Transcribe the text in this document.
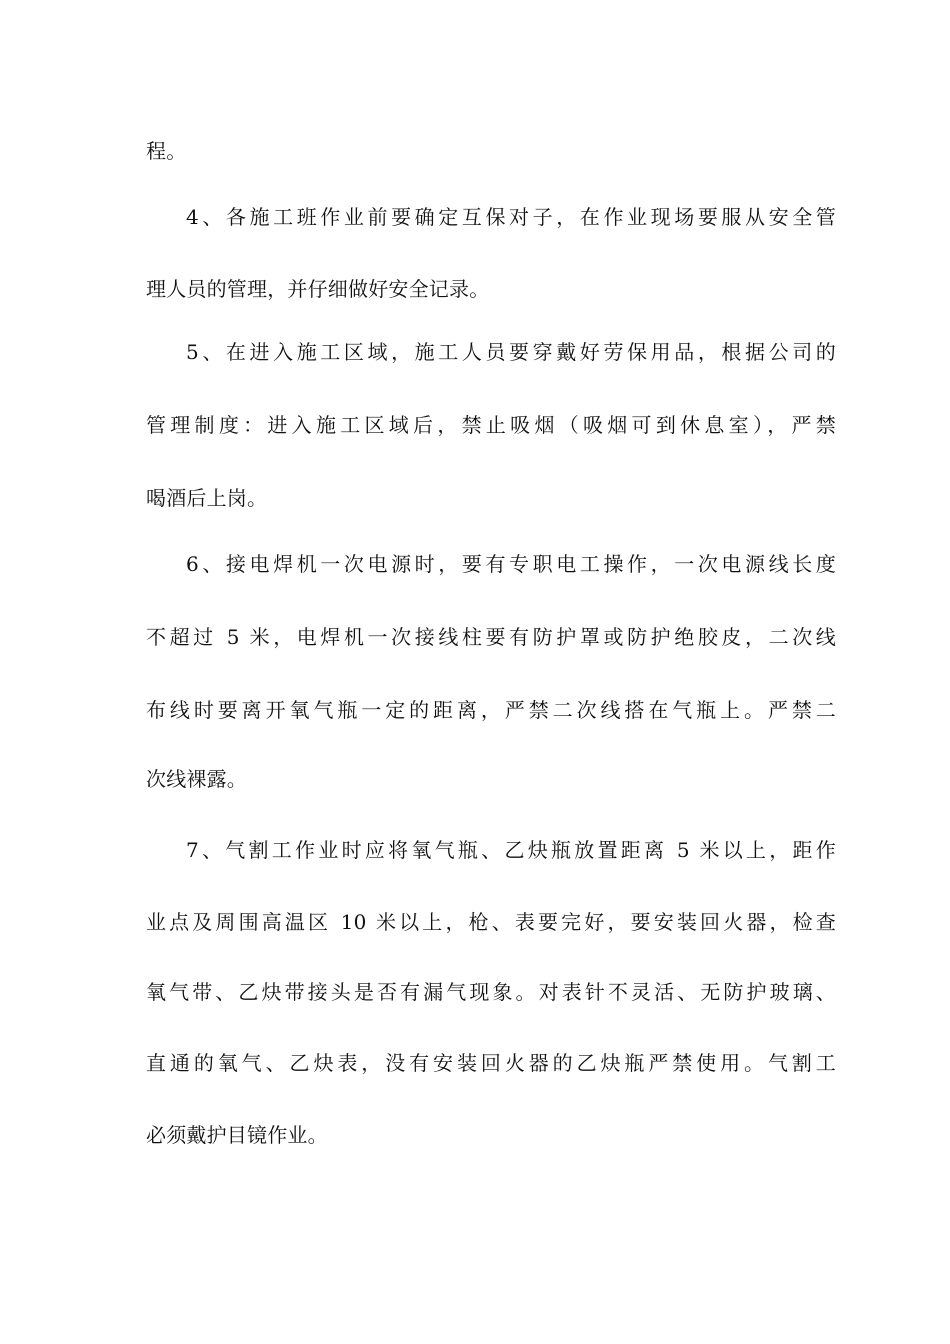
程。

4、各施工班作业前要确定互保对子，在作业现场要服从安全管

理人员的管理，并仔细做好安全记录。

5、在进入施工区域，施工人员要穿戴好劳保用品，根据公司的

管理制度：进入施工区域后，禁止吸烟（吸烟可到休息室），严禁

喝酒后上岗。

6、接电焊机一次电源时，要有专职电工操作，一次电源线长度

不超过 5 米，电焊机一次接线柱要有防护罩或防护绝胶皮，二次线

布线时要离开氧气瓶一定的距离，严禁二次线搭在气瓶上。严禁二

次线裸露。

7、气割工作业时应将氧气瓶、乙炔瓶放置距离 5 米以上，距作

业点及周围高温区 10 米以上，枪、表要完好，要安装回火器，检查

氧气带、乙炔带接头是否有漏气现象。对表针不灵活、无防护玻璃、

直通的氧气、乙炔表，没有安装回火器的乙炔瓶严禁使用。气割工

必须戴护目镜作业。
